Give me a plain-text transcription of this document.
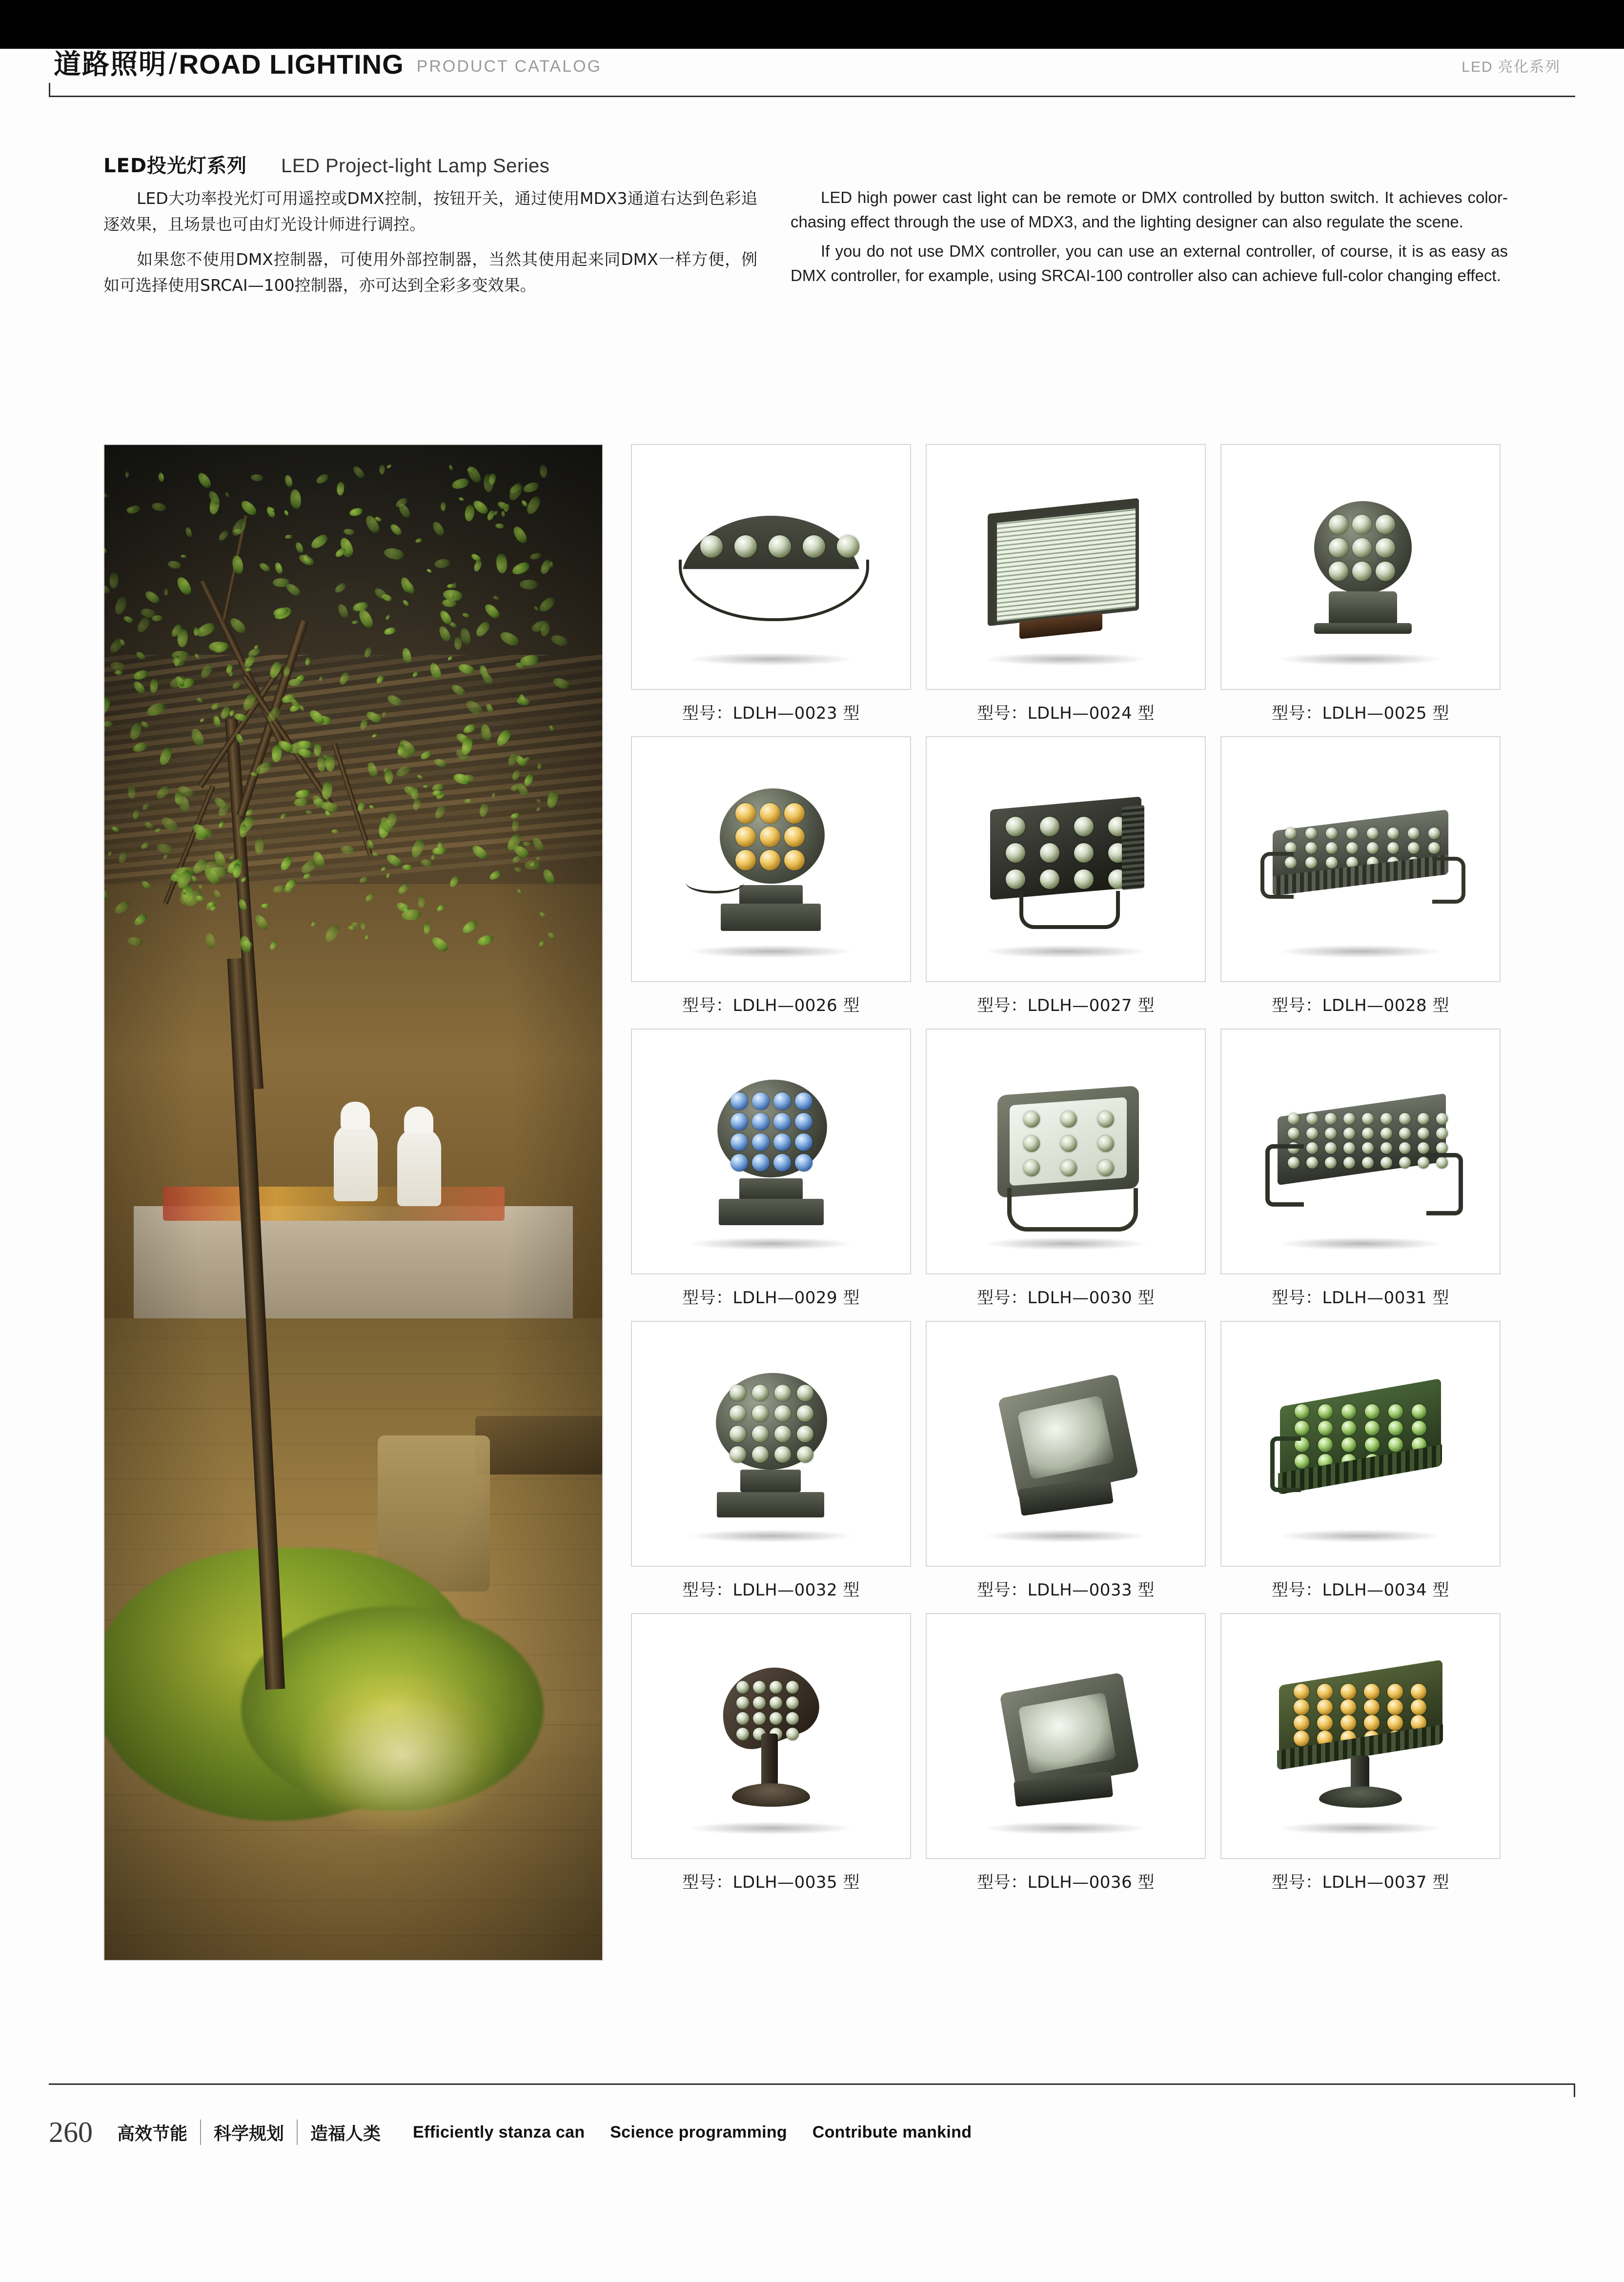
道路照明 / ROAD LIGHTING PRODUCT CATALOG	LED 亮化系列
LED投光灯系列 LED Project-light Lamp Series

LED大功率投光灯可用遥控或DMX控制，按钮开关，通过使用MDX3通道右达到色彩追逐效果，且场景也可由灯光设计师进行调控。

如果您不使用DMX控制器，可使用外部控制器，当然其使用起来同DMX一样方便，例如可选择使用SRCAI—100控制器，亦可达到全彩多变效果。

LED high power cast light can be remote or DMX controlled by button switch. It achieves color-chasing effect through the use of MDX3, and the lighting designer can also regulate the scene.

If you do not use DMX controller, you can use an external controller, of course, it is as easy as DMX controller, for example, using SRCAI-100 controller also can achieve full-color changing effect.

型号：LDLH—0023 型	型号：LDLH—0024 型	型号：LDLH—0025 型
型号：LDLH—0026 型	型号：LDLH—0027 型	型号：LDLH—0028 型
型号：LDLH—0029 型	型号：LDLH—0030 型	型号：LDLH—0031 型
型号：LDLH—0032 型	型号：LDLH—0033 型	型号：LDLH—0034 型
型号：LDLH—0035 型	型号：LDLH—0036 型	型号：LDLH—0037 型
260	高效节能	科学规划	造福人类	Efficiently stanza can Science programming Contribute mankind
